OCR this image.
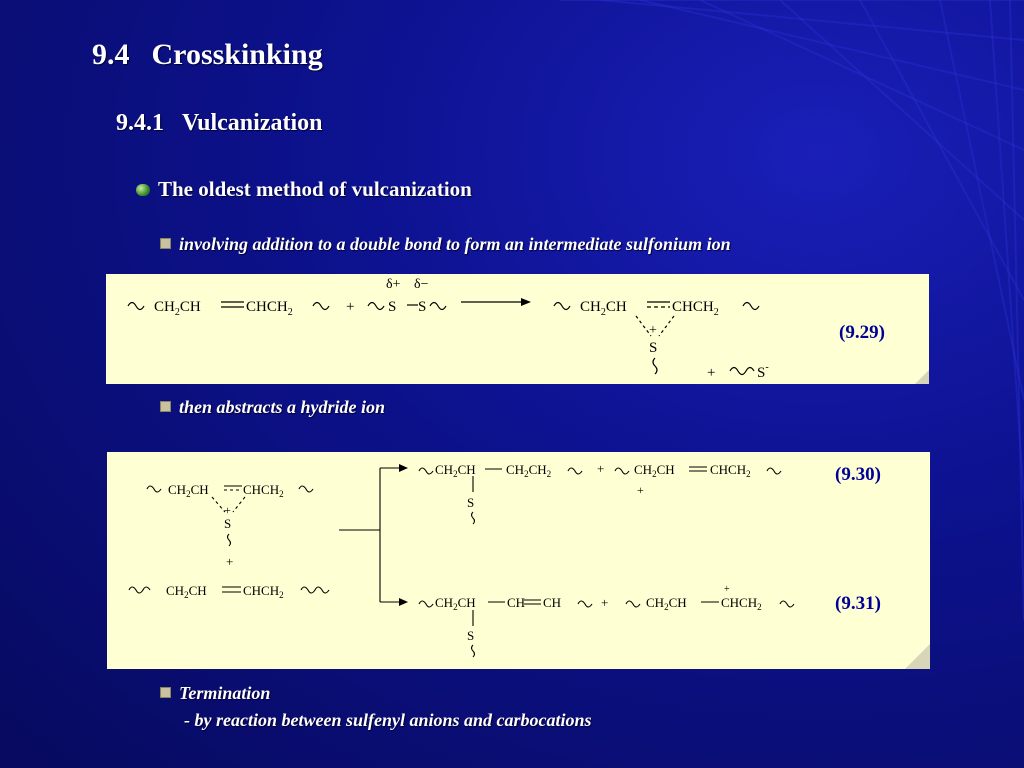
9.4 Crosskinking
9.4.1 Vulcanization
The oldest method of vulcanization
involving addition to a double bond to form an intermediate sulfonium ion
$CH_2CH$	$CHCH_2$	+ S S
δ+ δ−
$CH_2CH$	$CHCH_2$
+
S
+	S-
(9.29)
then abstracts a hydride ion
$CH_2CH$	$CHCH_2$
+
S
+
$CH_2CH$	$CHCH_2$
$CH_2CH$ $CH_2CH_2$
S
+ $CH_2CH$	$CHCH_2$
+
(9.30)
$CH_2CH$ CH CH
S
+	$CH_2CH$	$CHCH_2$
+
(9.31)
Termination
- by reaction between sulfenyl anions and carbocations
